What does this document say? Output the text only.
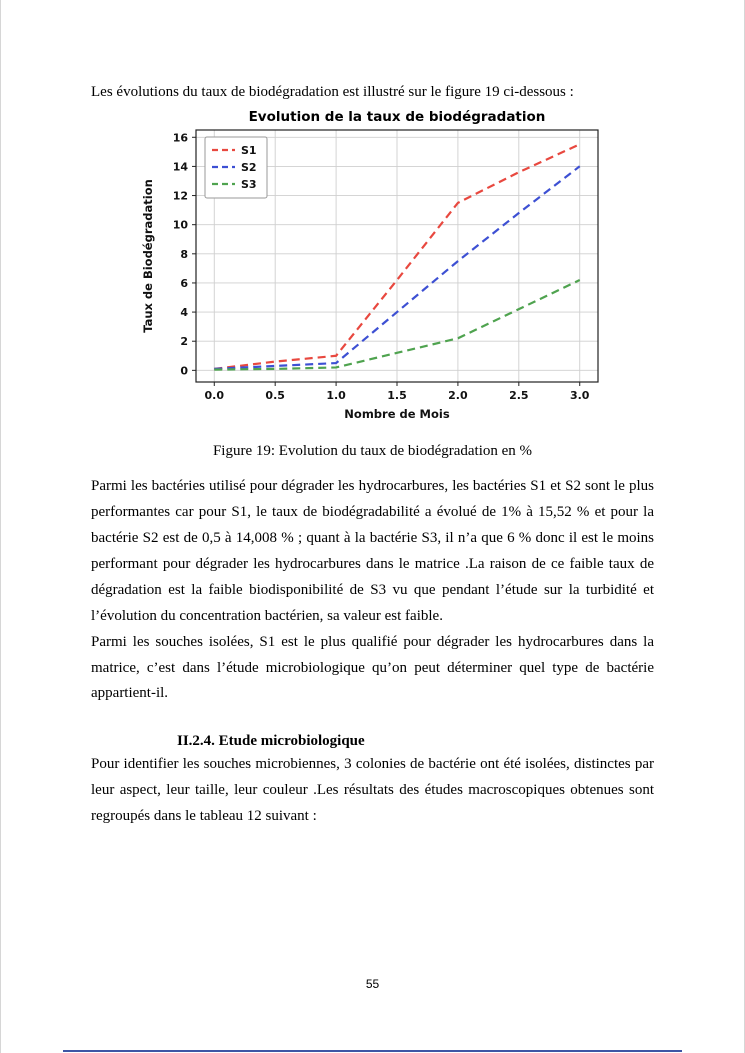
Les évolutions du taux de biodégradation est illustré sur le figure 19 ci-dessous :

0.0	0.5	1.0	1.5	2.0	2.5	3.0
0
2
4
6
8
10
12
14
16
Evolution de la taux de biodégradation
Nombre de Mois
Taux de Biodégradation
S1
S2
S3
Figure 19: Evolution du taux de biodégradation en %

Parmi les bactéries utilisé pour dégrader les hydrocarbures, les bactéries S1 et S2 sont le plus performantes car pour S1, le taux de biodégradabilité a évolué de 1% à 15,52 % et pour la bactérie S2 est de 0,5 à 14,008 % ; quant à la bactérie S3, il n’a que 6 % donc il est le moins performant pour dégrader les hydrocarbures dans le matrice .La raison de ce faible taux de dégradation est la faible biodisponibilité de S3 vu que pendant l’étude sur la turbidité et l’évolution du concentration bactérien, sa valeur est faible.

Parmi les souches isolées, S1 est le plus qualifié pour dégrader les hydrocarbures dans la matrice, c’est dans l’étude microbiologique qu’on peut déterminer quel type de bactérie appartient-il.

II.2.4. Etude microbiologique

Pour identifier les souches microbiennes, 3 colonies de bactérie ont été isolées, distinctes par leur aspect, leur taille, leur couleur .Les résultats des études macroscopiques obtenues sont regroupés dans le tableau 12 suivant :

55
